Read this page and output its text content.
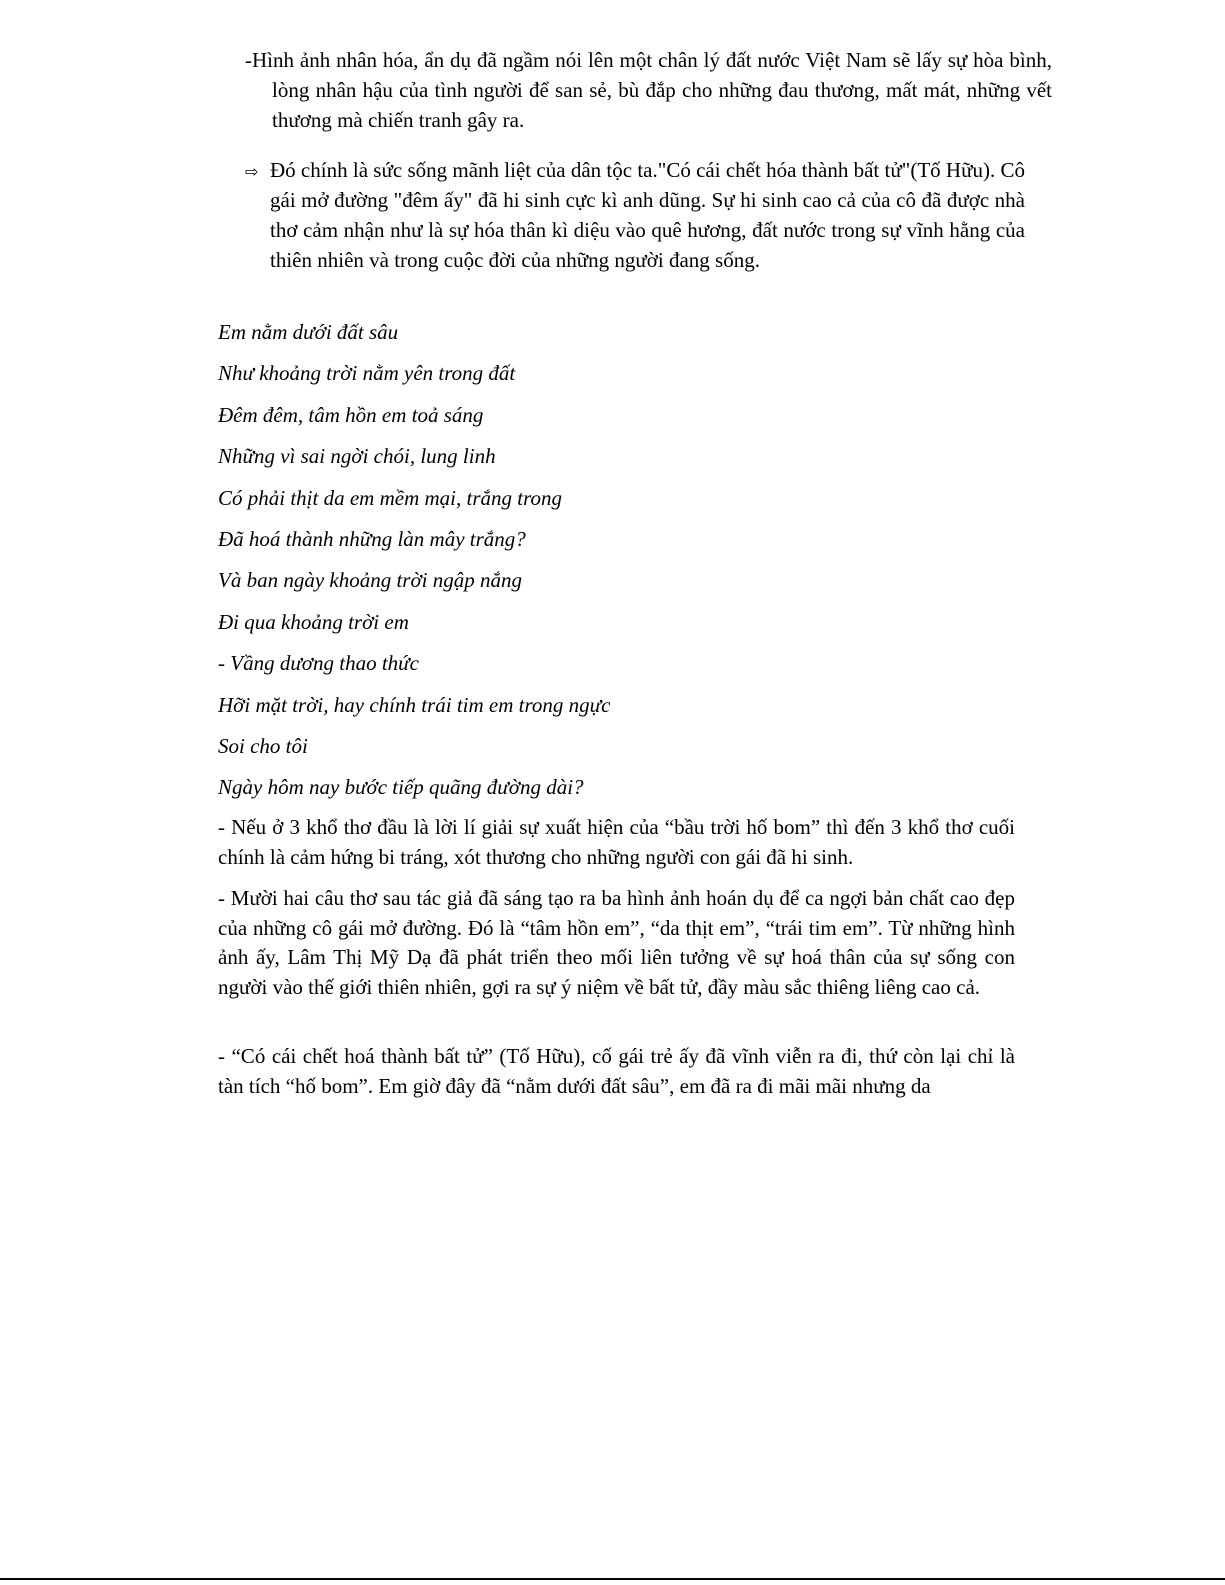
-Hình ảnh nhân hóa, ẩn dụ đã ngầm nói lên một chân lý đất nước Việt Nam sẽ lấy sự hòa bình, lòng nhân hậu của tình người để san sẻ, bù đắp cho những đau thương, mất mát, những vết thương mà chiến tranh gây ra.
⇨ Đó chính là sức sống mãnh liệt của dân tộc ta."Có cái chết hóa thành bất tử"(Tố Hữu). Cô gái mở đường "đêm ấy" đã hi sinh cực kì anh dũng. Sự hi sinh cao cả của cô đã được nhà thơ cảm nhận như là sự hóa thân kì diệu vào quê hương, đất nước trong sự vĩnh hằng của thiên nhiên và trong cuộc đời của những người đang sống.
Em nằm dưới đất sâu
Như khoảng trời nằm yên trong đất
Đêm đêm, tâm hồn em toả sáng
Những vì sai ngời chói, lung linh
Có phải thịt da em mềm mại, trắng trong
Đã hoá thành những làn mây trắng?
Và ban ngày khoảng trời ngập nắng
Đi qua khoảng trời em
- Vầng dương thao thức
Hỡi mặt trời, hay chính trái tim em trong ngực
Soi cho tôi
Ngày hôm nay bước tiếp quãng đường dài?

- Nếu ở 3 khổ thơ đầu là lời lí giải sự xuất hiện của “bầu trời hố bom” thì đến 3 khổ thơ cuối chính là cảm hứng bi tráng, xót thương cho những người con gái đã hi sinh.

- Mười hai câu thơ sau tác giả đã sáng tạo ra ba hình ảnh hoán dụ để ca ngợi bản chất cao đẹp của những cô gái mở đường. Đó là “tâm hồn em”, “da thịt em”, “trái tim em”. Từ những hình ảnh ấy, Lâm Thị Mỹ Dạ đã phát triển theo mối liên tưởng về sự hoá thân của sự sống con người vào thế giới thiên nhiên, gợi ra sự ý niệm về bất tử, đầy màu sắc thiêng liêng cao cả.

- “Có cái chết hoá thành bất tử” (Tố Hữu), cố gái trẻ ấy đã vĩnh viễn ra đi, thứ còn lại chỉ là tàn tích “hố bom”. Em giờ đây đã “nằm dưới đất sâu”, em đã ra đi mãi mãi nhưng da
